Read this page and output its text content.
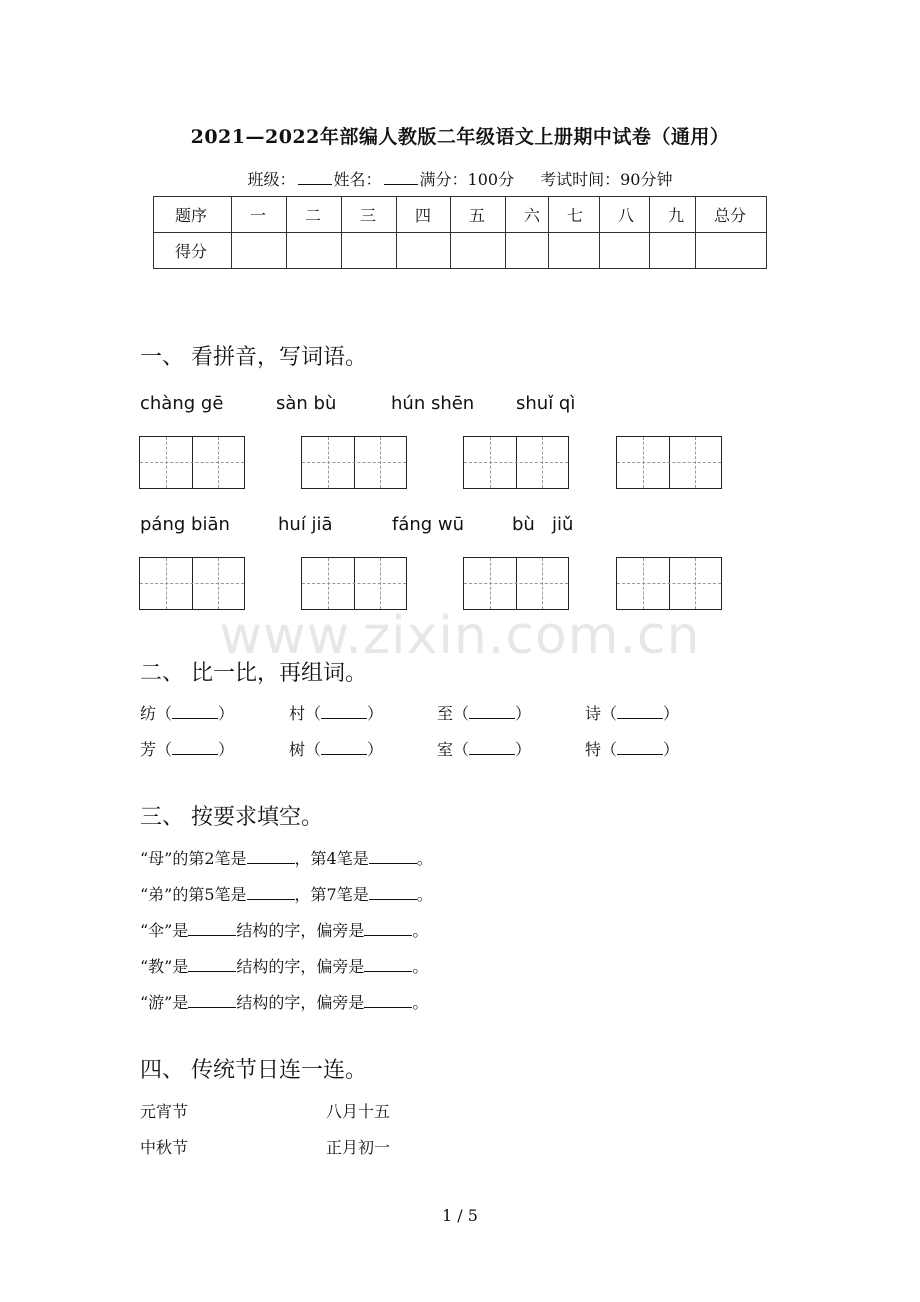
2021—2022年部编人教版二年级语文上册期中试卷（通用）
班级： 姓名： 满分：100分 考试时间：90分钟
题序	一	二	三	四	五	六	七	八	九	总分
得分										
一、 看拼音，写词语。
chàng gē	sàn bù	hún shēn shuǐ qì
páng biān	huí jiā	fáng wū	bù   jiǔ
www.zixin.com.cn
二、 比一比，再组词。
纺（	）	村（	）	至（	）	诗（	）
芳（	）	树（	）	室（	）	特（	）
三、 按要求填空。
“母”的第2笔是	，第4笔是	。
“弟”的第5笔是	，第7笔是	。
“伞”是	结构的字，偏旁是	。
“教”是	结构的字，偏旁是	。
“游”是	结构的字，偏旁是	。
四、 传统节日连一连。
元宵节	八月十五
中秋节	正月初一
1 / 5
